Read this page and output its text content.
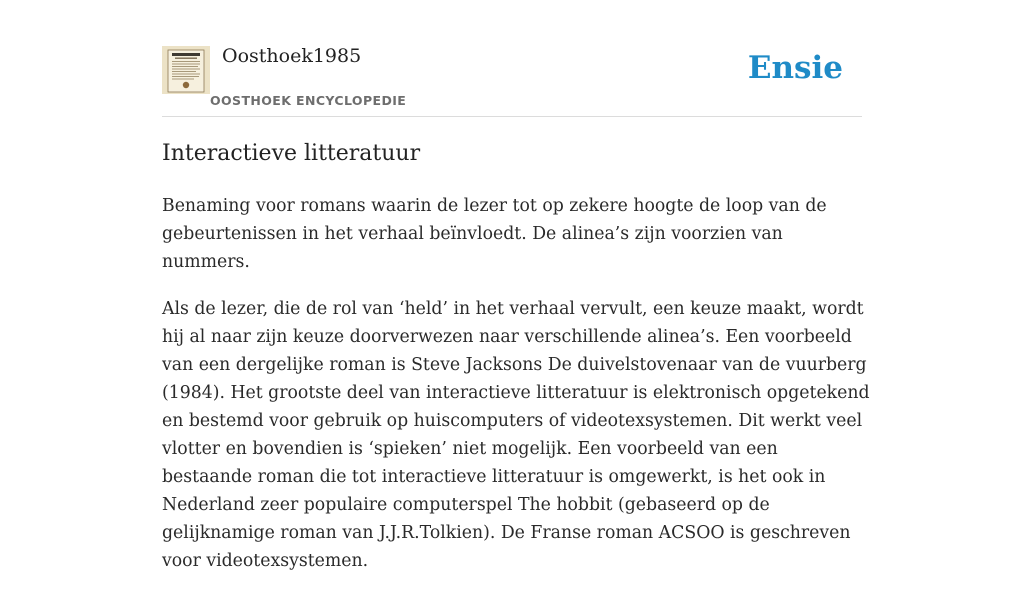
Oosthoek1985
OOSTHOEK ENCYCLOPEDIE
Ensie
Interactieve litteratuur

Benaming voor romans waarin de lezer tot op zekere hoogte de loop van de gebeurtenissen in het verhaal beïnvloedt. De alinea’s zijn voorzien van nummers.

Als de lezer, die de rol van ‘held’ in het verhaal vervult, een keuze maakt, wordt hij al naar zijn keuze doorverwezen naar verschillende alinea’s. Een voorbeeld van een dergelijke roman is Steve Jacksons De duivelstovenaar van de vuurberg (1984). Het grootste deel van interactieve litteratuur is elektronisch opgetekend en bestemd voor gebruik op huiscomputers of videotexsystemen. Dit werkt veel vlotter en bovendien is ‘spieken’ niet mogelijk. Een voorbeeld van een bestaande roman die tot interactieve litteratuur is omgewerkt, is het ook in Nederland zeer populaire computerspel The hobbit (gebaseerd op de gelijknamige roman van J.J.R.Tolkien). De Franse roman ACSOO is geschreven voor videotexsystemen.
